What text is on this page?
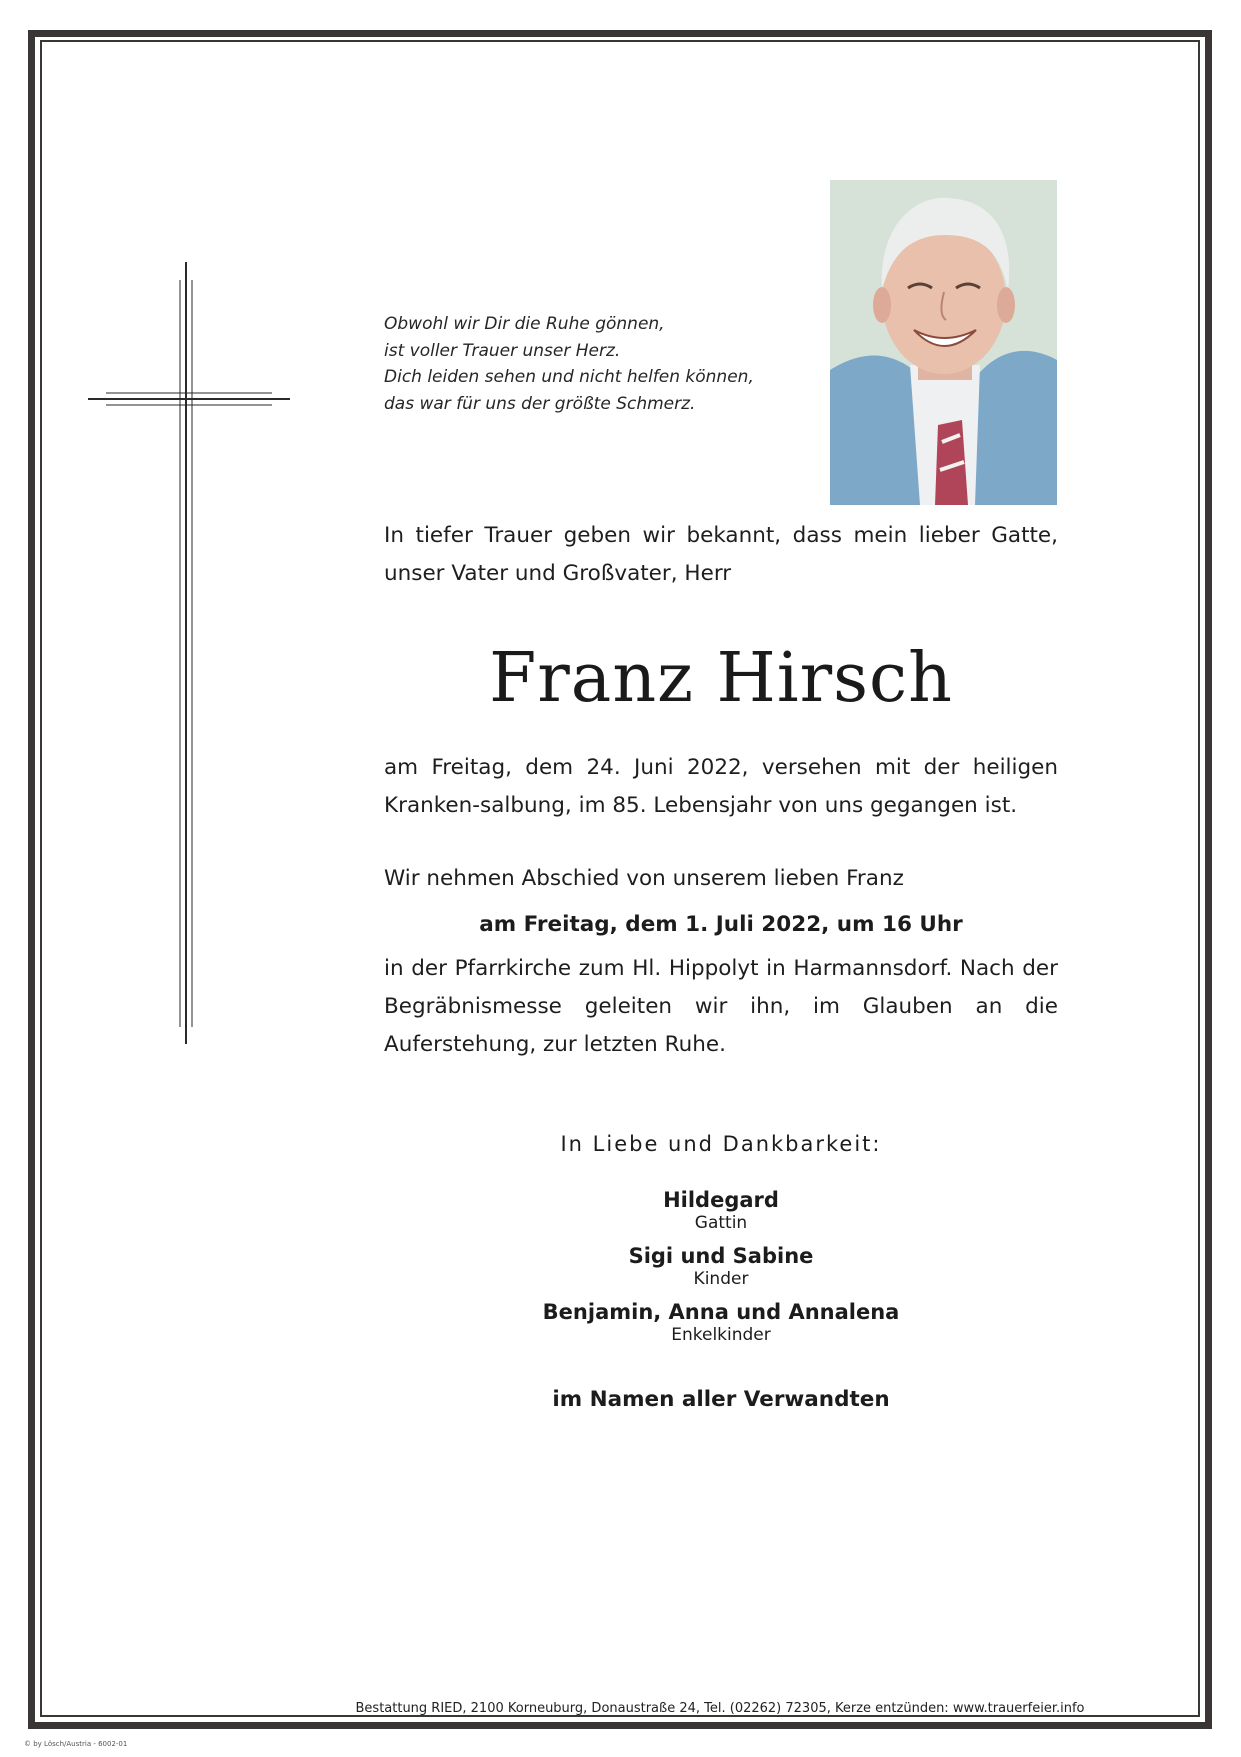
Obwohl wir Dir die Ruhe gönnen,
ist voller Trauer unser Herz.
Dich leiden sehen und nicht helfen können,
das war für uns der größte Schmerz.
In tiefer Trauer geben wir bekannt, dass mein lieber Gatte, unser Vater und Großvater, Herr
Franz Hirsch
am Freitag, dem 24. Juni 2022, versehen mit der heiligen Kranken-salbung, im 85. Lebensjahr von uns gegangen ist.
Wir nehmen Abschied von unserem lieben Franz
am Freitag, dem 1. Juli 2022, um 16 Uhr
in der Pfarrkirche zum Hl. Hippolyt in Harmannsdorf. Nach der Begräbnismesse geleiten wir ihn, im Glauben an die Auferstehung, zur letzten Ruhe.
In Liebe und Dankbarkeit:
Hildegard
Gattin
Sigi und Sabine
Kinder
Benjamin, Anna und Annalena
Enkelkinder
im Namen aller Verwandten
Bestattung RIED, 2100 Korneuburg, Donaustraße 24, Tel. (02262) 72305, Kerze entzünden: www.trauerfeier.info
© by Lösch/Austria - 6002-01
